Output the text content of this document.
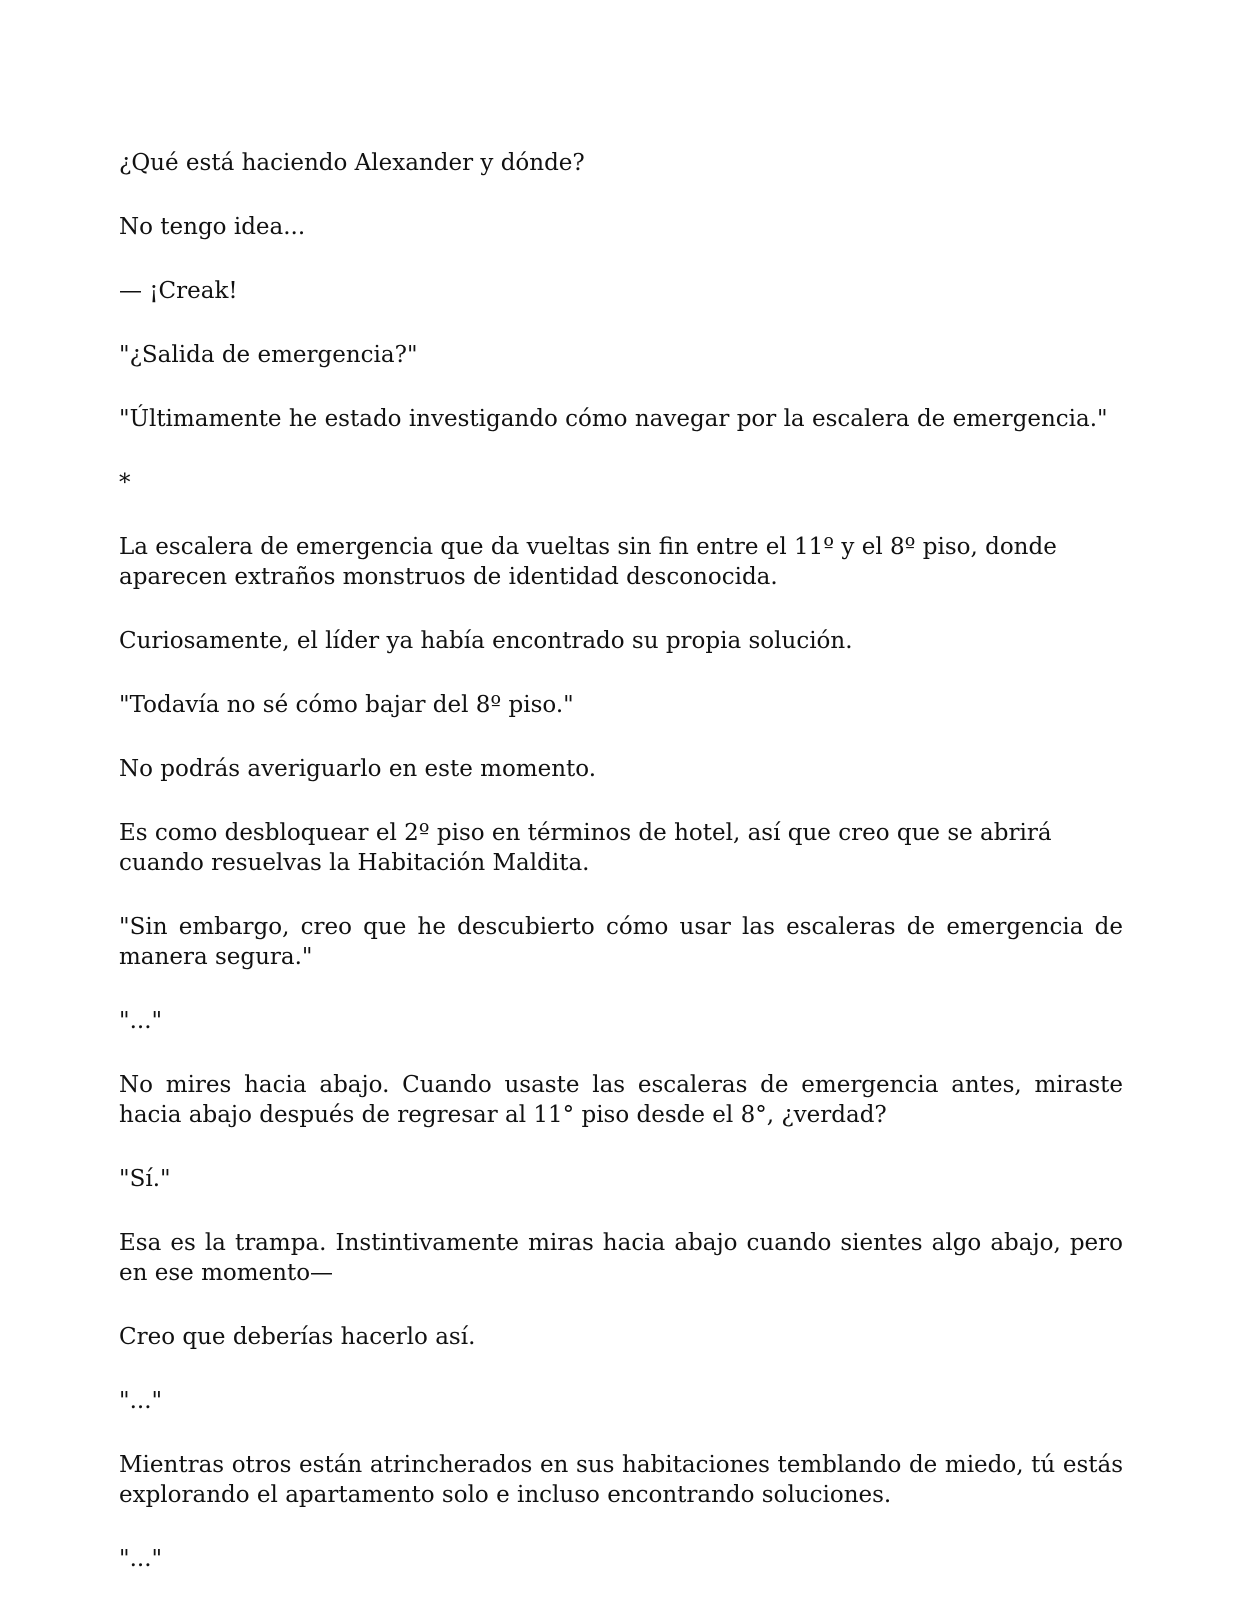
¿Qué está haciendo Alexander y dónde?

No tengo idea...

— ¡Creak!

"¿Salida de emergencia?"

"Últimamente he estado investigando cómo navegar por la escalera de emergencia."

*

La escalera de emergencia que da vueltas sin fin entre el 11º y el 8º piso, donde aparecen extraños monstruos de identidad desconocida.

Curiosamente, el líder ya había encontrado su propia solución.

"Todavía no sé cómo bajar del 8º piso."

No podrás averiguarlo en este momento.

Es como desbloquear el 2º piso en términos de hotel, así que creo que se abrirá cuando resuelvas la Habitación Maldita.

"Sin embargo, creo que he descubierto cómo usar las escaleras de emergencia de manera segura."

"..."

No mires hacia abajo. Cuando usaste las escaleras de emergencia antes, miraste hacia abajo después de regresar al 11° piso desde el 8°, ¿verdad?

"Sí."

Esa es la trampa. Instintivamente miras hacia abajo cuando sientes algo abajo, pero en ese momento—

Creo que deberías hacerlo así.

"..."

Mientras otros están atrincherados en sus habitaciones temblando de miedo, tú estás explorando el apartamento solo e incluso encontrando soluciones.

"..."
